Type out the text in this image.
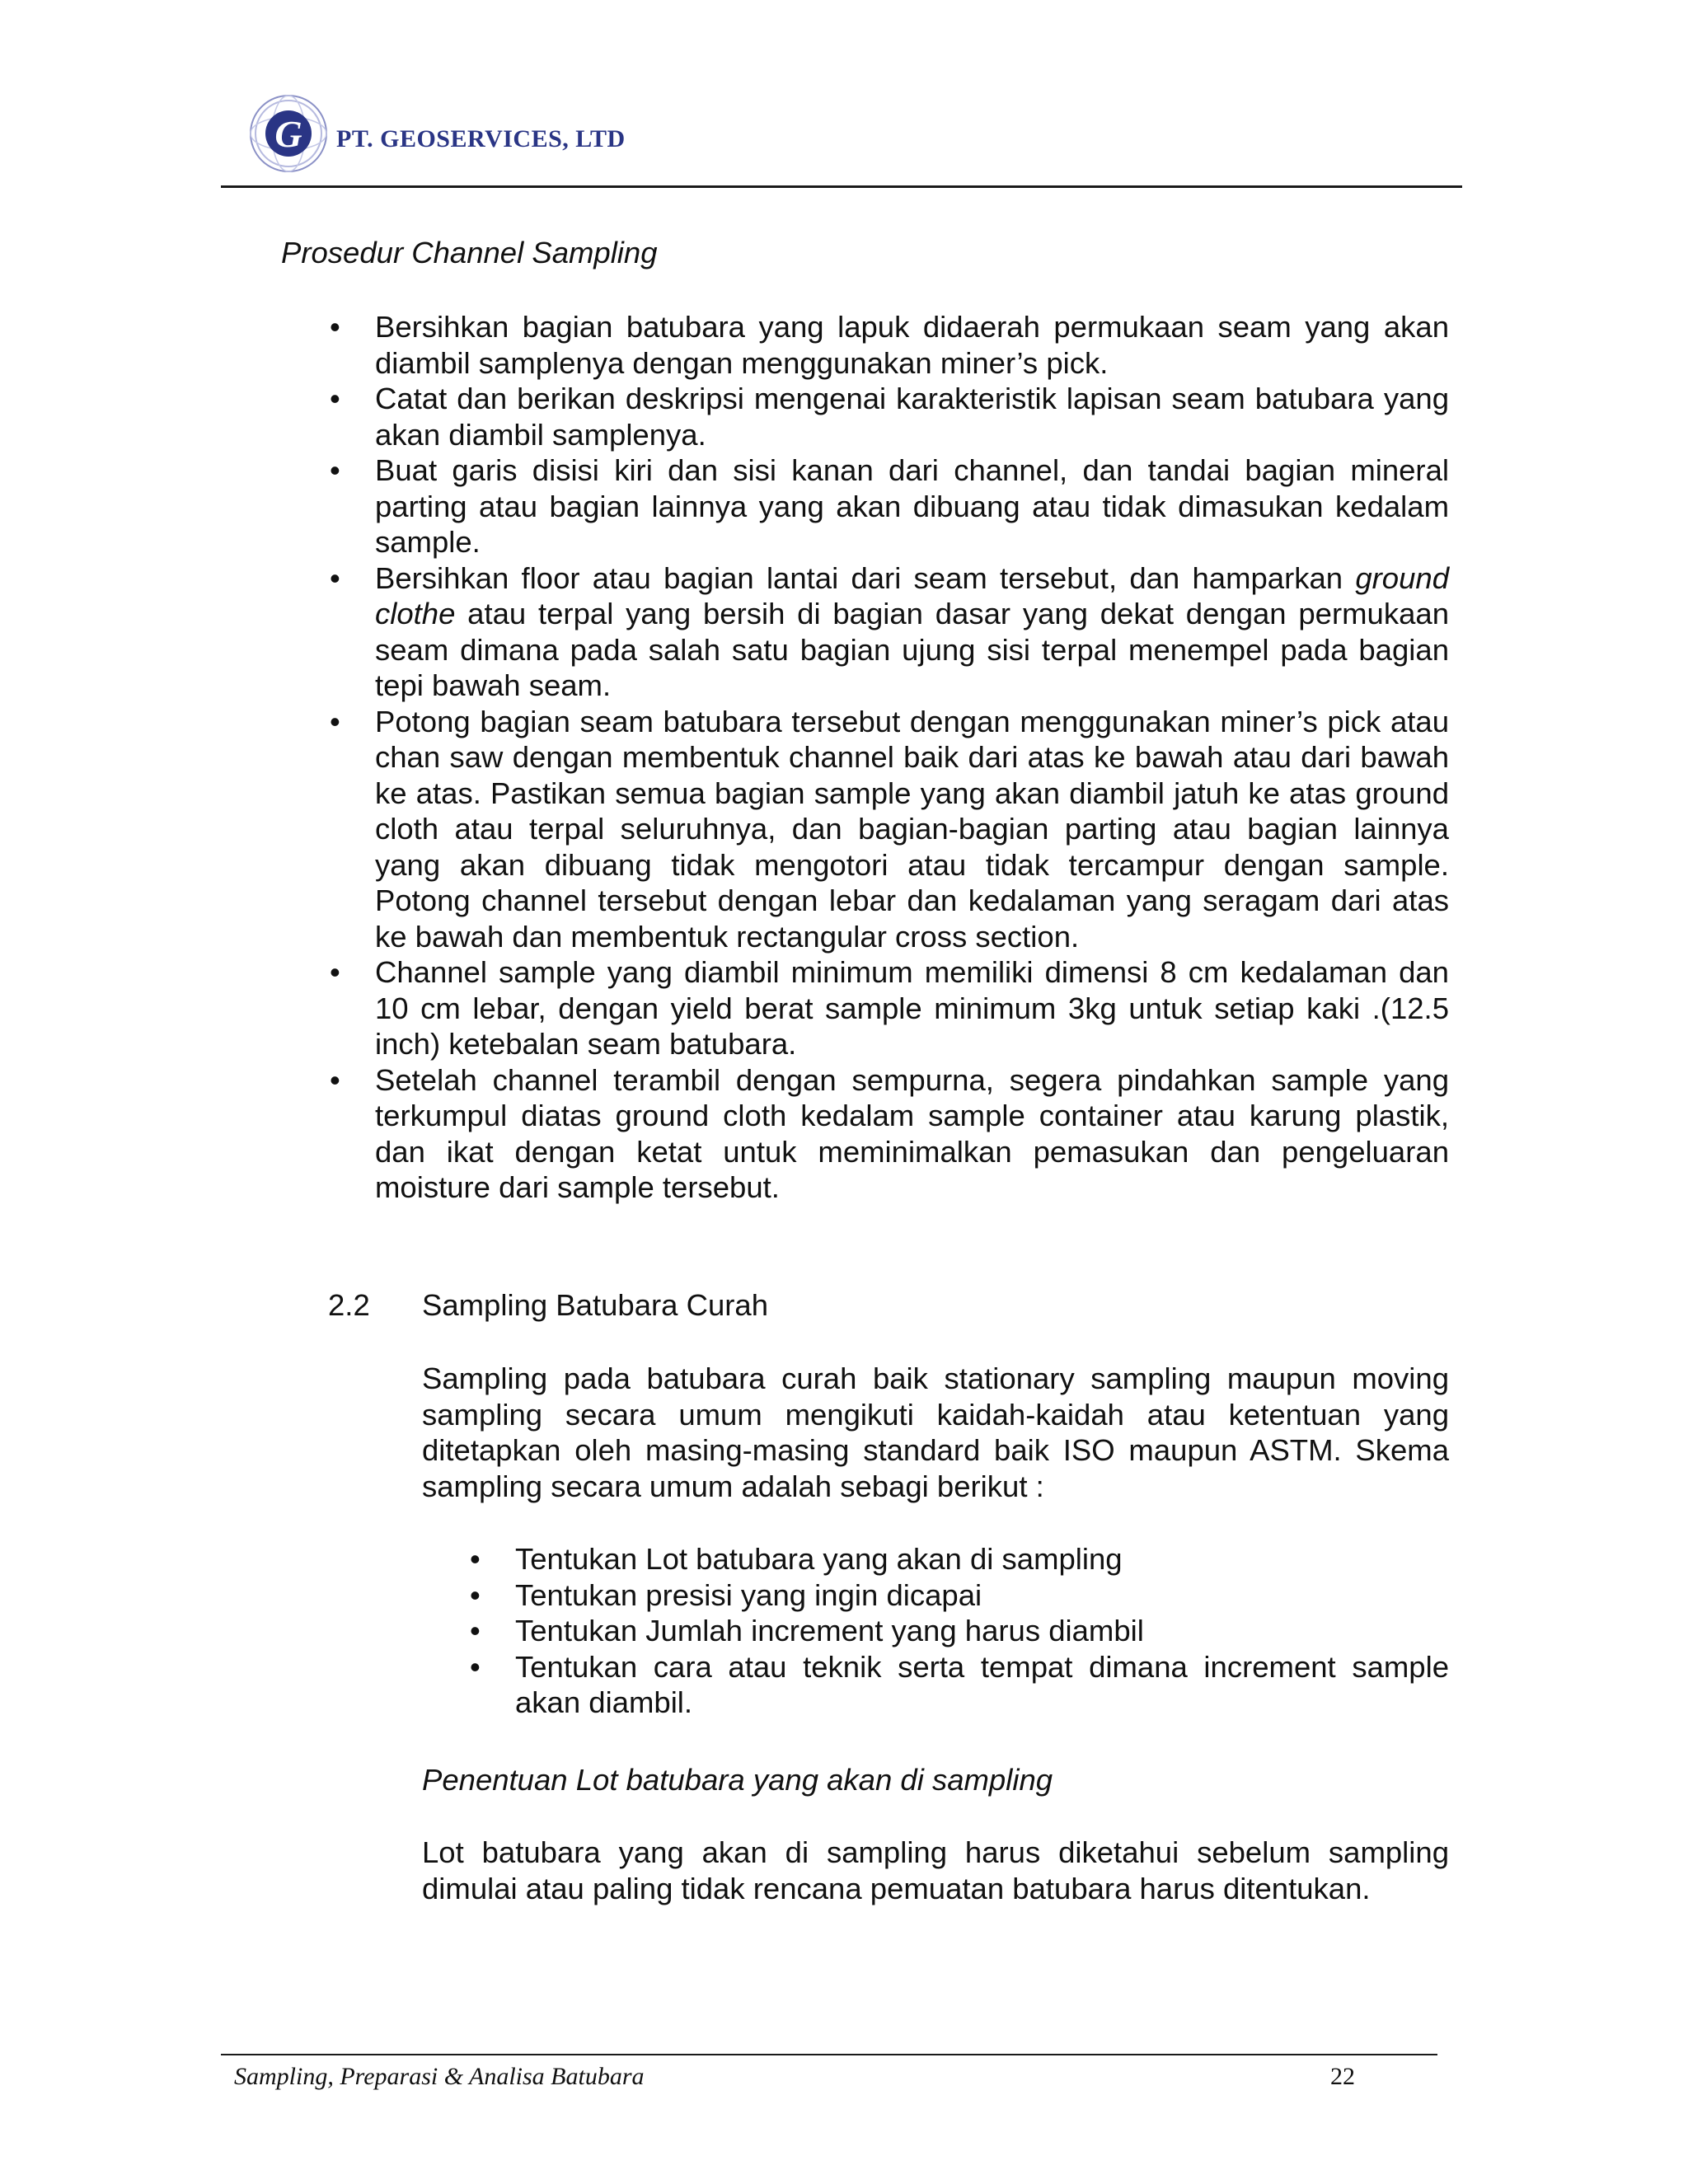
G PT. GEOSERVICES, LTD
Prosedur Channel Sampling
•	Bersihkan bagian batubara yang lapuk didaerah permukaan seam yang akan diambil samplenya dengan menggunakan miner’s pick.
•	Catat dan berikan deskripsi mengenai karakteristik lapisan seam batubara yang akan diambil samplenya.
•	Buat garis disisi kiri dan sisi kanan dari channel, dan tandai bagian mineral parting atau bagian lainnya yang akan dibuang atau tidak dimasukan kedalam sample.
•	Bersihkan floor atau bagian lantai dari seam tersebut, dan hamparkan ground clothe atau terpal yang bersih di bagian dasar yang dekat dengan permukaan seam dimana pada salah satu bagian ujung sisi terpal menempel pada bagian tepi bawah seam.
•	Potong bagian seam batubara tersebut dengan menggunakan miner’s pick atau chan saw dengan membentuk channel baik dari atas ke bawah atau dari bawah ke atas. Pastikan semua bagian sample yang akan diambil jatuh ke atas ground cloth atau terpal seluruhnya, dan bagian-bagian parting atau bagian lainnya yang akan dibuang tidak mengotori atau tidak tercampur dengan sample. Potong channel tersebut dengan lebar dan kedalaman yang seragam dari atas ke bawah dan membentuk rectangular cross section.
•	Channel sample yang diambil minimum memiliki dimensi 8 cm kedalaman dan 10 cm lebar, dengan yield berat sample minimum 3kg untuk setiap kaki .(12.5 inch) ketebalan seam batubara.
•	Setelah channel terambil dengan sempurna, segera pindahkan sample yang terkumpul diatas ground cloth kedalam sample container atau karung plastik, dan ikat dengan ketat untuk meminimalkan pemasukan dan pengeluaran moisture dari sample tersebut.
2.2 Sampling Batubara Curah
Sampling pada batubara curah baik stationary sampling maupun moving sampling secara umum mengikuti kaidah-kaidah atau ketentuan yang ditetapkan oleh masing-masing standard baik ISO maupun ASTM. Skema sampling secara umum adalah sebagi berikut :
•	Tentukan Lot batubara yang akan di sampling
•	Tentukan presisi yang ingin dicapai
•	Tentukan Jumlah increment yang harus diambil
•	Tentukan cara atau teknik serta tempat dimana increment sample akan diambil.
Penentuan Lot batubara yang akan di sampling
Lot batubara yang akan di sampling harus diketahui sebelum sampling dimulai atau paling tidak rencana pemuatan batubara harus ditentukan.
Sampling, Preparasi & Analisa Batubara	22
